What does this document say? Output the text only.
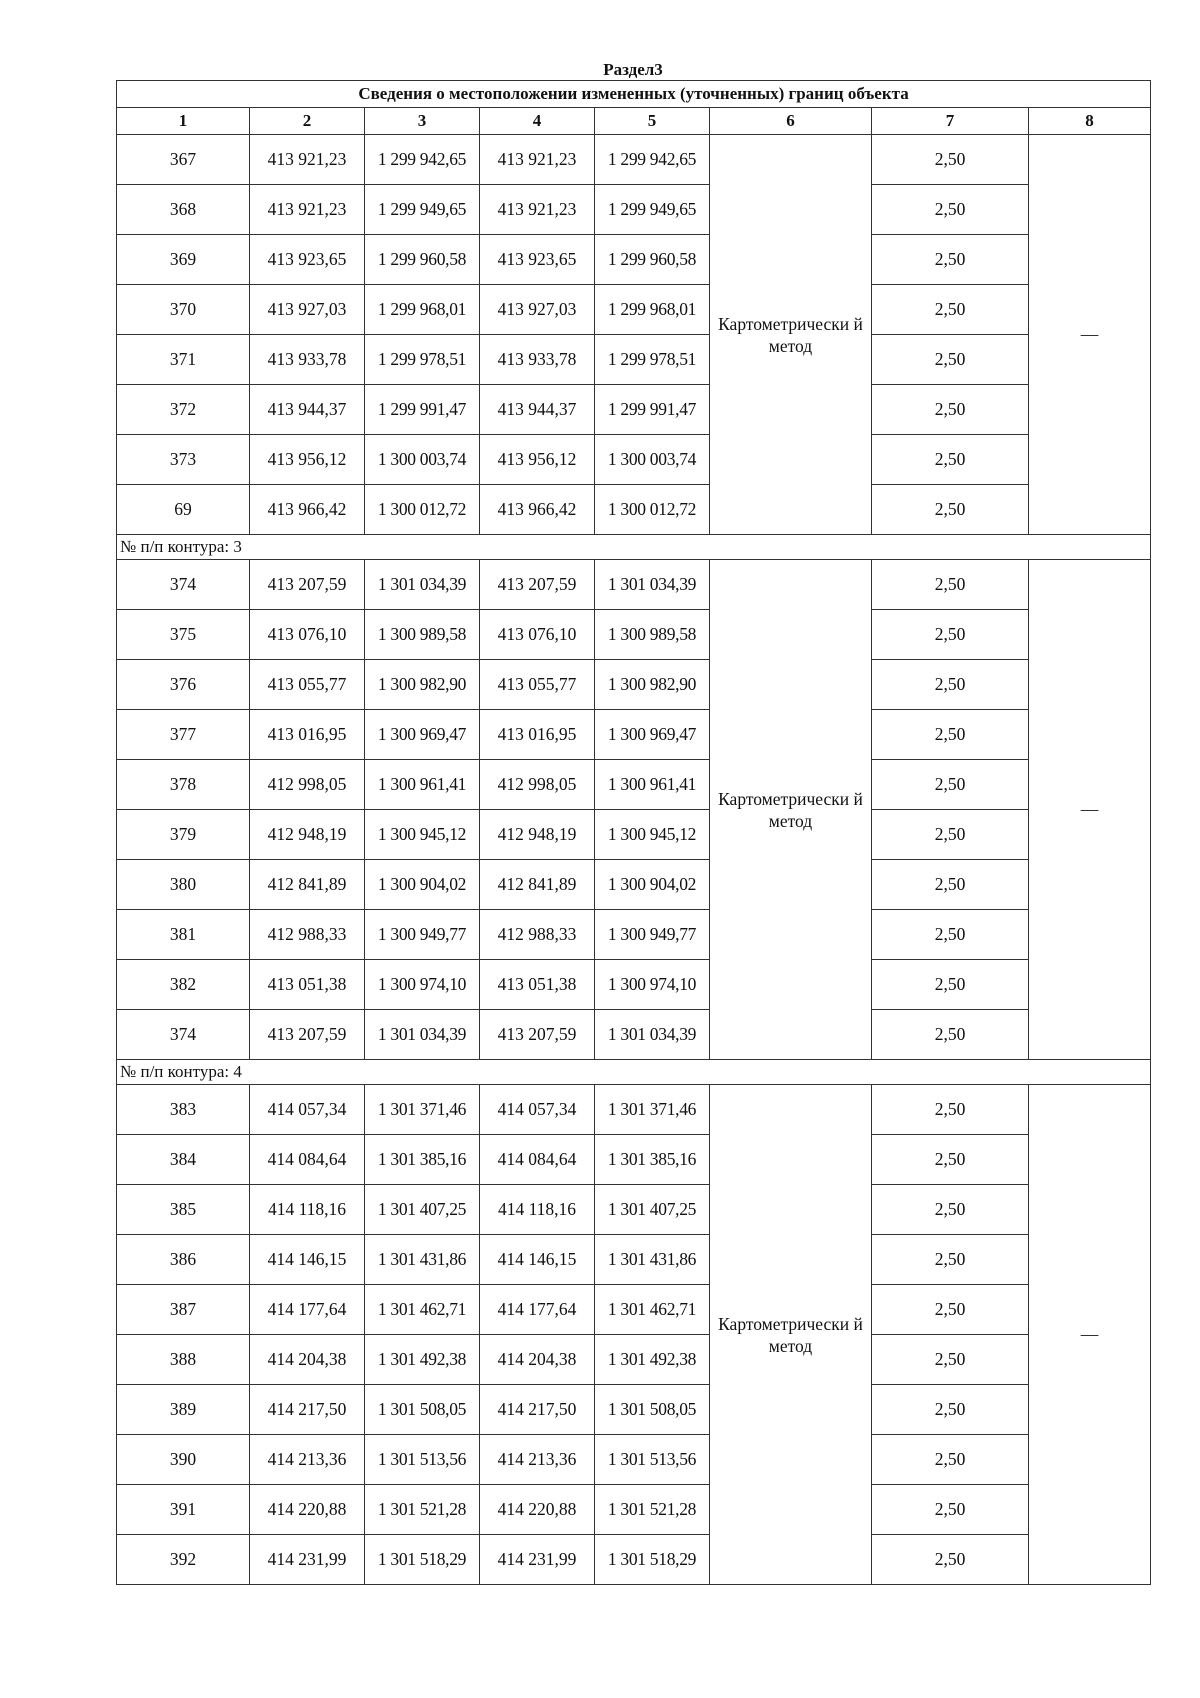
Раздел3
Сведения о местоположении измененных (уточненных) границ объекта							
1	2	3	4	5	6	7	8
367	413 921,23	1 299 942,65	413 921,23	1 299 942,65	Картометрически й метод	2,50	—
368	413 921,23	1 299 949,65	413 921,23	1 299 949,65		2,50	
369	413 923,65	1 299 960,58	413 923,65	1 299 960,58		2,50	
370	413 927,03	1 299 968,01	413 927,03	1 299 968,01		2,50	
371	413 933,78	1 299 978,51	413 933,78	1 299 978,51		2,50	
372	413 944,37	1 299 991,47	413 944,37	1 299 991,47		2,50	
373	413 956,12	1 300 003,74	413 956,12	1 300 003,74		2,50	
69	413 966,42	1 300 012,72	413 966,42	1 300 012,72		2,50	
№ п/п контура: 3							
374	413 207,59	1 301 034,39	413 207,59	1 301 034,39	Картометрически й метод	2,50	—
375	413 076,10	1 300 989,58	413 076,10	1 300 989,58		2,50	
376	413 055,77	1 300 982,90	413 055,77	1 300 982,90		2,50	
377	413 016,95	1 300 969,47	413 016,95	1 300 969,47		2,50	
378	412 998,05	1 300 961,41	412 998,05	1 300 961,41		2,50	
379	412 948,19	1 300 945,12	412 948,19	1 300 945,12		2,50	
380	412 841,89	1 300 904,02	412 841,89	1 300 904,02		2,50	
381	412 988,33	1 300 949,77	412 988,33	1 300 949,77		2,50	
382	413 051,38	1 300 974,10	413 051,38	1 300 974,10		2,50	
374	413 207,59	1 301 034,39	413 207,59	1 301 034,39		2,50	
№ п/п контура: 4							
383	414 057,34	1 301 371,46	414 057,34	1 301 371,46	Картометрически й метод	2,50	—
384	414 084,64	1 301 385,16	414 084,64	1 301 385,16		2,50	
385	414 118,16	1 301 407,25	414 118,16	1 301 407,25		2,50	
386	414 146,15	1 301 431,86	414 146,15	1 301 431,86		2,50	
387	414 177,64	1 301 462,71	414 177,64	1 301 462,71		2,50	
388	414 204,38	1 301 492,38	414 204,38	1 301 492,38		2,50	
389	414 217,50	1 301 508,05	414 217,50	1 301 508,05		2,50	
390	414 213,36	1 301 513,56	414 213,36	1 301 513,56		2,50	
391	414 220,88	1 301 521,28	414 220,88	1 301 521,28		2,50	
392	414 231,99	1 301 518,29	414 231,99	1 301 518,29		2,50	
